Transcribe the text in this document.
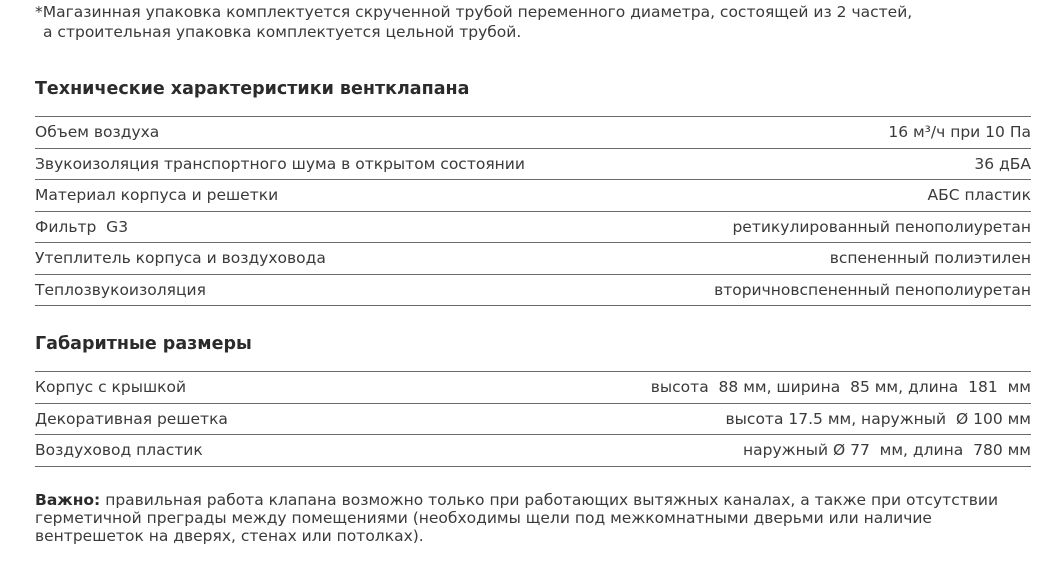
*Магазинная упаковка комплектуется скрученной трубой переменного диаметра, состоящей из 2 частей,
а строительная упаковка комплектуется цельной трубой.
Технические характеристики вентклапана
Объем воздуха	16 м³/ч при 10 Па
Звукоизоляция транспортного шума в открытом состоянии	36 дБА
Материал корпуса и решетки	АБС пластик
Фильтр  G3	ретикулированный пенополиуретан
Утеплитель корпуса и воздуховода	вспененный полиэтилен
Теплозвукоизоляция	вторичновспененный пенополиуретан
Габаритные размеры
Корпус с крышкой	высота  88 мм, ширина  85 мм, длина  181  мм
Декоративная решетка	высота 17.5 мм, наружный  Ø 100 мм
Воздуховод пластик	наружный Ø 77  мм, длина  780 мм
Важно: правильная работа клапана возможно только при работающих вытяжных каналах, а также при отсутствии герметичной преграды между помещениями (необходимы щели под межкомнатными дверьми или наличие вентрешеток на дверях, стенах или потолках).
